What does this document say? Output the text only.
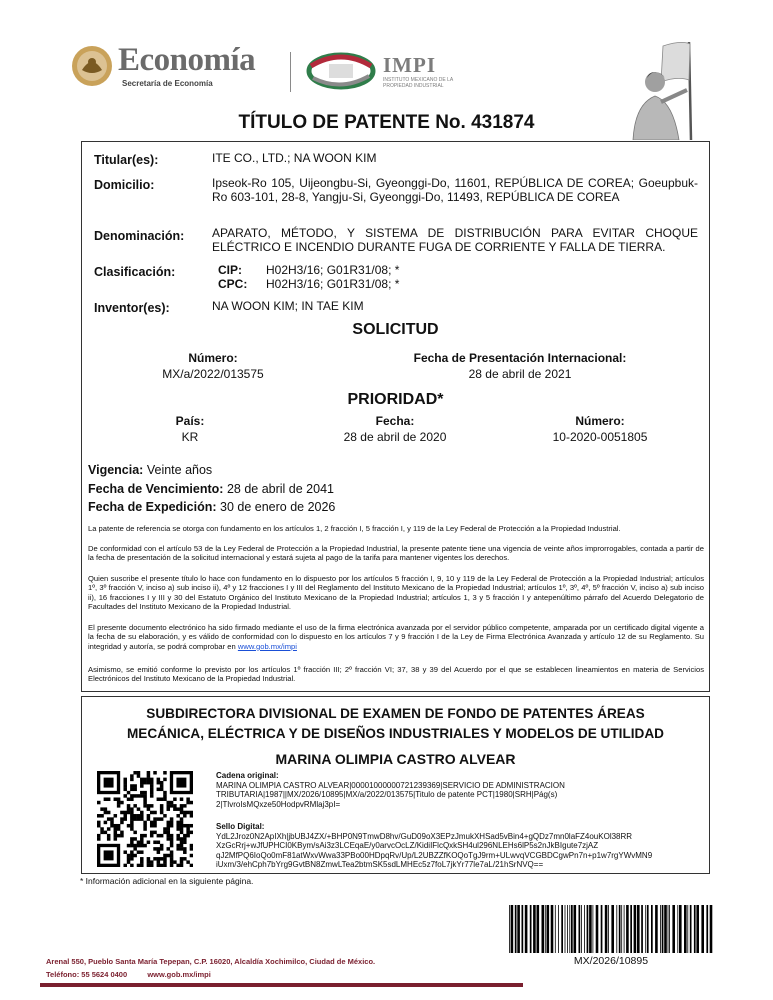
Economía
Secretaría de Economía
IMPI
INSTITUTO MEXICANO DE LA PROPIEDAD INDUSTRIAL
TÍTULO DE PATENTE No. 431874
Titular(es):	ITE CO., LTD.; NA WOON KIM
Domicilio:	Ipseok-Ro 105, Uijeongbu-Si, Gyeonggi-Do, 11601, REPÚBLICA DE COREA; Goeupbuk-Ro 603-101, 28-8, Yangju-Si, Gyeonggi-Do, 11493, REPÚBLICA DE COREA
Denominación: APARATO, MÉTODO, Y SISTEMA DE DISTRIBUCIÓN PARA EVITAR CHOQUE ELÉCTRICO E INCENDIO DURANTE FUGA DE CORRIENTE Y FALLA DE TIERRA.
Clasificación:	CIP: H02H3/16; G01R31/08; *
CPC: H02H3/16; G01R31/08; *
Inventor(es):	NA WOON KIM; IN TAE KIM
SOLICITUD
Número:
MX/a/2022/013575
Fecha de Presentación Internacional:
28 de abril de 2021
PRIORIDAD*
País:
KR
Fecha:
28 de abril de 2020
Número:
10-2020-0051805
Vigencia: Veinte años
Fecha de Vencimiento: 28 de abril de 2041
Fecha de Expedición: 30 de enero de 2026
La patente de referencia se otorga con fundamento en los artículos 1, 2 fracción I, 5 fracción I, y 119 de la Ley Federal de Protección a la Propiedad Industrial.
De conformidad con el artículo 53 de la Ley Federal de Protección a la Propiedad Industrial, la presente patente tiene una vigencia de veinte años improrrogables, contada a partir de la fecha de presentación de la solicitud internacional y estará sujeta al pago de la tarifa para mantener vigentes los derechos.
Quien suscribe el presente título lo hace con fundamento en lo dispuesto por los artículos 5 fracción I, 9, 10 y 119 de la Ley Federal de Protección a la Propiedad Industrial; artículos 1º, 3º fracción V, inciso a) sub inciso ii), 4º y 12 fracciones I y III del Reglamento del Instituto Mexicano de la Propiedad Industrial; artículos 1º, 3º, 4º, 5º fracción V, inciso a) sub inciso ii), 16 fracciones I y III y 30 del Estatuto Orgánico del Instituto Mexicano de la Propiedad Industrial; artículos 1, 3 y 5 fracción I y antepenúltimo párrafo del Acuerdo Delegatorio de Facultades del Instituto Mexicano de la Propiedad Industrial.
El presente documento electrónico ha sido firmado mediante el uso de la firma electrónica avanzada por el servidor público competente, amparada por un certificado digital vigente a la fecha de su elaboración, y es válido de conformidad con lo dispuesto en los artículos 7 y 9 fracción I de la Ley de Firma Electrónica Avanzada y artículo 12 de su Reglamento. Su integridad y autoría, se podrá comprobar en www.gob.mx/impi
Asimismo, se emitió conforme lo previsto por los artículos 1º fracción III; 2º fracción VI; 37, 38 y 39 del Acuerdo por el que se establecen lineamientos en materia de Servicios Electrónicos del Instituto Mexicano de la Propiedad Industrial.
SUBDIRECTORA DIVISIONAL DE EXAMEN DE FONDO DE PATENTES ÁREAS
MECÁNICA, ELÉCTRICA Y DE DISEÑOS INDUSTRIALES Y MODELOS DE UTILIDAD
MARINA OLIMPIA CASTRO ALVEAR
Cadena original:
MARINA OLIMPIA CASTRO ALVEAR|00001000000721239369|SERVICIO DE ADMINISTRACION
TRIBUTARIA|1987||MX/2026/10895|MX/a/2022/013575|Titulo de patente PCT|1980|SRH|Pág(s)
2|TlvroIsMQxze50HodpvRMlaj3pI=
Sello Digital:
YdL2Jroz0N2ApIXh|jbUBJ4ZX/+BHP0N9TmwD8hv/GuD09oX3EPzJmukXHSad5vBin4+gQDz7mn0laFZ4ouKOl38RR
XzGcRrj+wJfUPHCI0KBym/sAi3z3LCEqaE/y0arvcOcLZ/KidiIFlcQxkSH4ul296NLEHs6lP5s2nJkBIgute7zjAZ
qJ2MfPQ6IoQo0mF81atWxvWwa33PBo00HDpqRv/Up/L2UBZZfKOQoTgJ9rm+ULwvqVCGBDCgwPn7n+p1w7rgYWvMN9
iUxm/3/ehCph7bYrg9GvtBN8ZmwLTea2btmSK5sdLMHEc5z7foL7jkYr77le7aL/21hSrNVQ==
* Información adicional en la siguiente página.
MX/2026/10895
Arenal 550, Pueblo Santa María Tepepan, C.P. 16020, Alcaldía Xochimilco, Ciudad de México.
Teléfono: 55 5624 0400	www.gob.mx/impi
